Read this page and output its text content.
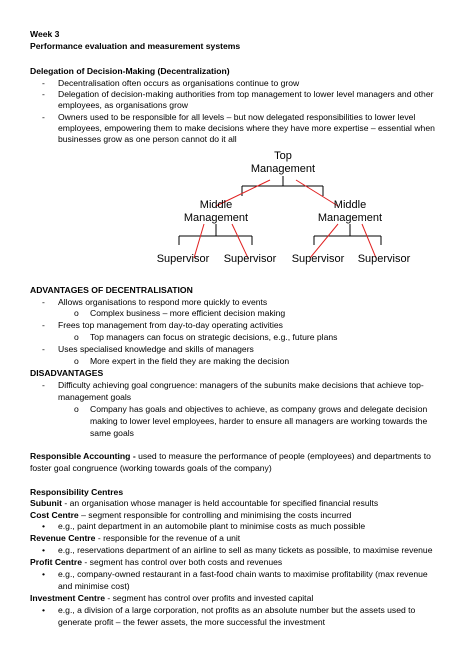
Week 3
Performance evaluation and measurement systems
Delegation of Decision-Making (Decentralization)
- Decentralisation often occurs as organisations continue to grow
- Delegation of decision-making authorities from top management to lower level managers and other
employees, as organisations grow
- Owners used to be responsible for all levels – but now delegated responsibilities to lower level
employees, empowering them to make decisions where they have more expertise – essential when
businesses grow as one person cannot do it all
Top
Management
Middle
Management
Middle
Management
Supervisor Supervisor Supervisor Supervisor
ADVANTAGES OF DECENTRALISATION
- Allows organisations to respond more quickly to events
o Complex business – more efficient decision making
- Frees top management from day-to-day operating activities
o Top managers can focus on strategic decisions, e.g., future plans
- Uses specialised knowledge and skills of managers
o More expert in the field they are making the decision
DISADVANTAGES
- Difficulty achieving goal congruence: managers of the subunits make decisions that achieve top-
management goals
o Company has goals and objectives to achieve, as company grows and delegate decision
making to lower level employees, harder to ensure all managers are working towards the
same goals
Responsible Accounting - used to measure the performance of people (employees) and departments to
foster goal congruence (working towards goals of the company)
Responsibility Centres
Subunit - an organisation whose manager is held accountable for specified financial results
Cost Centre – segment responsible for controlling and minimising the costs incurred
• e.g., paint department in an automobile plant to minimise costs as much possible
Revenue Centre - responsible for the revenue of a unit
• e.g., reservations department of an airline to sell as many tickets as possible, to maximise revenue
Profit Centre - segment has control over both costs and revenues
• e.g., company-owned restaurant in a fast-food chain wants to maximise profitability (max revenue
and minimise cost)
Investment Centre - segment has control over profits and invested capital
• e.g., a division of a large corporation, not profits as an absolute number but the assets used to
generate profit – the fewer assets, the more successful the investment
